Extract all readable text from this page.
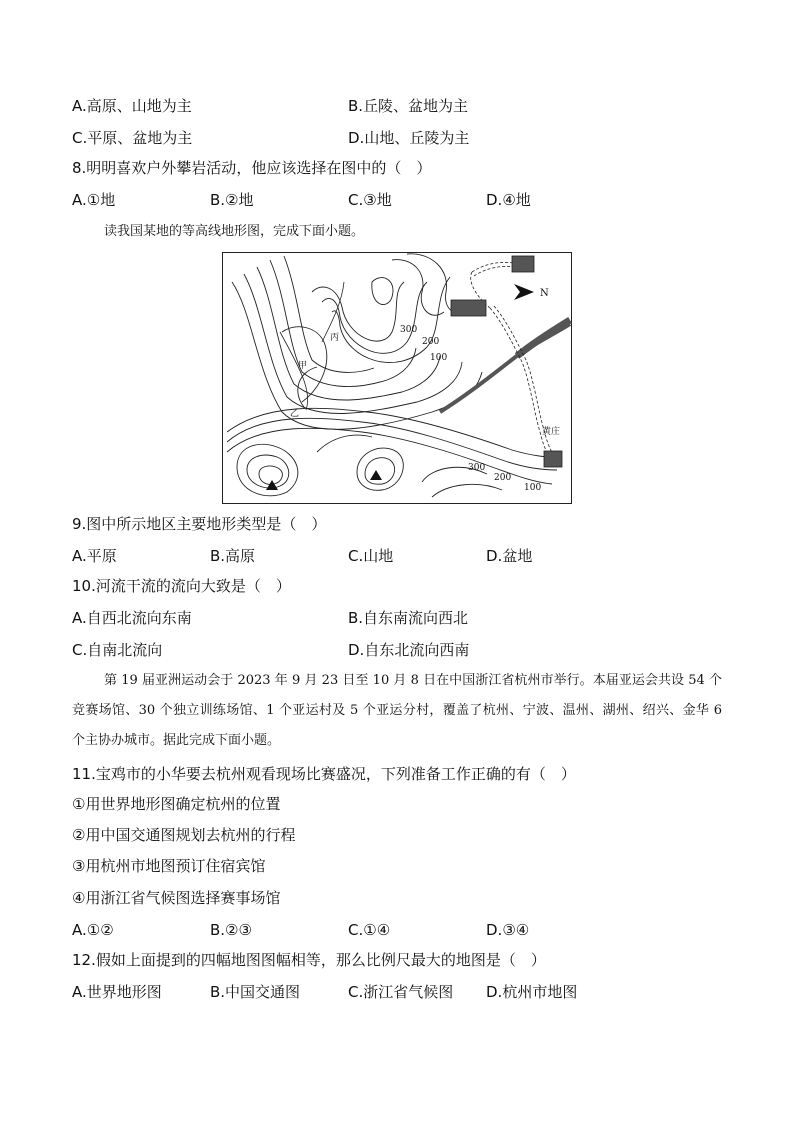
A.高原、山地为主	B.丘陵、盆地为主
C.平原、盆地为主	D.山地、丘陵为主
8.明明喜欢户外攀岩活动，他应该选择在图中的（　）
A.①地	B.②地	C.③地	D.④地
读我国某地的等高线地形图，完成下面小题。
N
300
200
100
300
200
100
丙
甲
乙
黄庄
9.图中所示地区主要地形类型是（　）
A.平原	B.高原	C.山地	D.盆地
10.河流干流的流向大致是（　）
A.自西北流向东南	B.自东南流向西北
C.自南北流向	D.自东北流向西南
第 19 届亚洲运动会于 2023 年 9 月 23 日至 10 月 8 日在中国浙江省杭州市举行。本届亚运会共设 54 个竞赛场馆、30 个独立训练场馆、1 个亚运村及 5 个亚运分村，覆盖了杭州、宁波、温州、湖州、绍兴、金华 6 个主协办城市。据此完成下面小题。
11.宝鸡市的小华要去杭州观看现场比赛盛况，下列准备工作正确的有（　）
①用世界地形图确定杭州的位置
②用中国交通图规划去杭州的行程
③用杭州市地图预订住宿宾馆
④用浙江省气候图选择赛事场馆
A.①②	B.②③	C.①④	D.③④
12.假如上面提到的四幅地图图幅相等，那么比例尺最大的地图是（　）
A.世界地形图	B.中国交通图	C.浙江省气候图 D.杭州市地图
